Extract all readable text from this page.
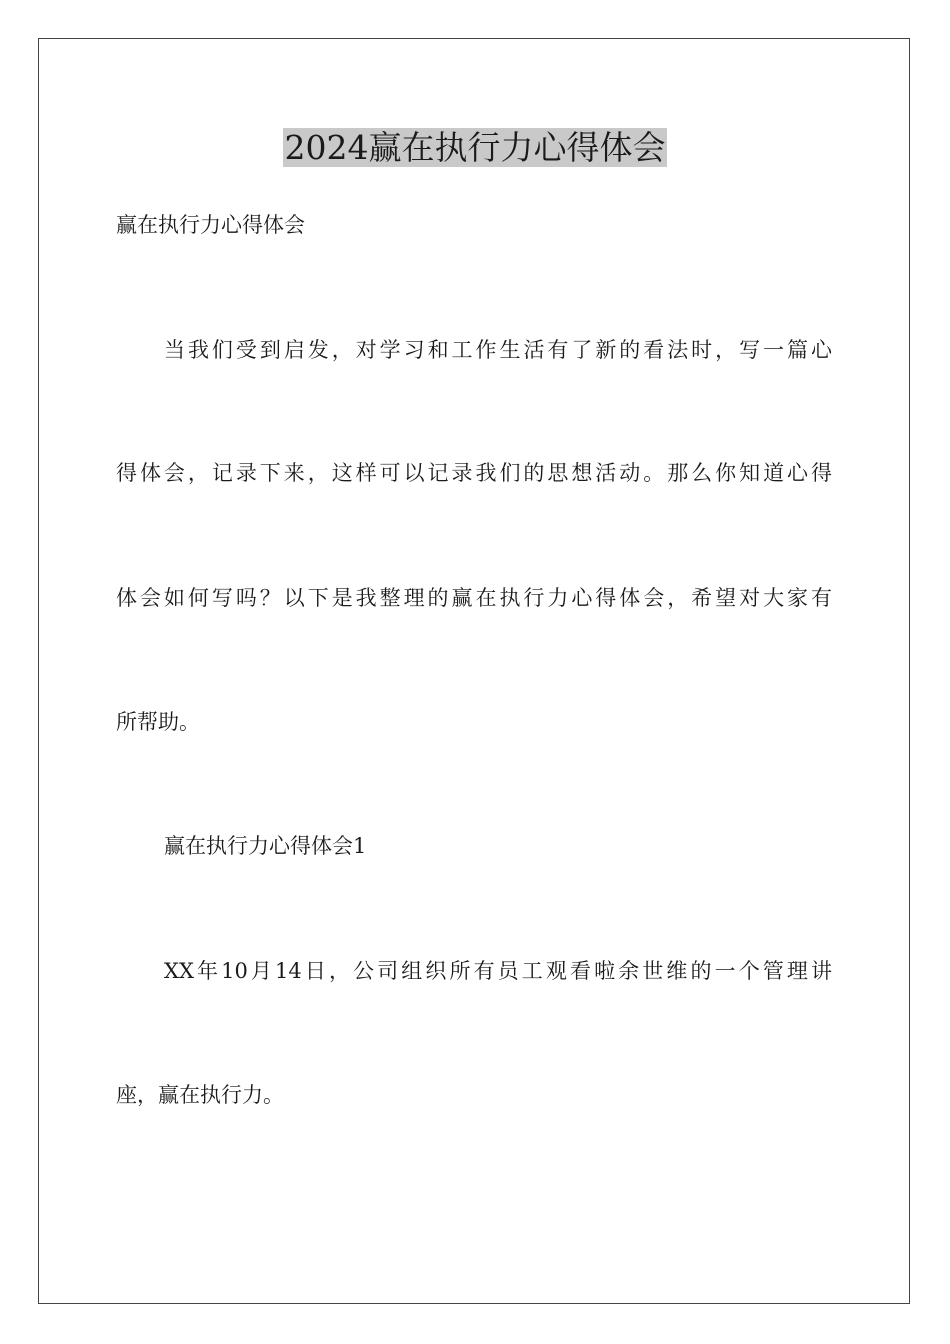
2024赢在执行力心得体会
赢在执行力心得体会
当我们受到启发，对学习和工作生活有了新的看法时，写一篇心
得体会，记录下来，这样可以记录我们的思想活动。那么你知道心得
体会如何写吗？以下是我整理的赢在执行力心得体会，希望对大家有
所帮助。
赢在执行力心得体会1
XX年10月14日，公司组织所有员工观看啦余世维的一个管理讲
座，赢在执行力。
